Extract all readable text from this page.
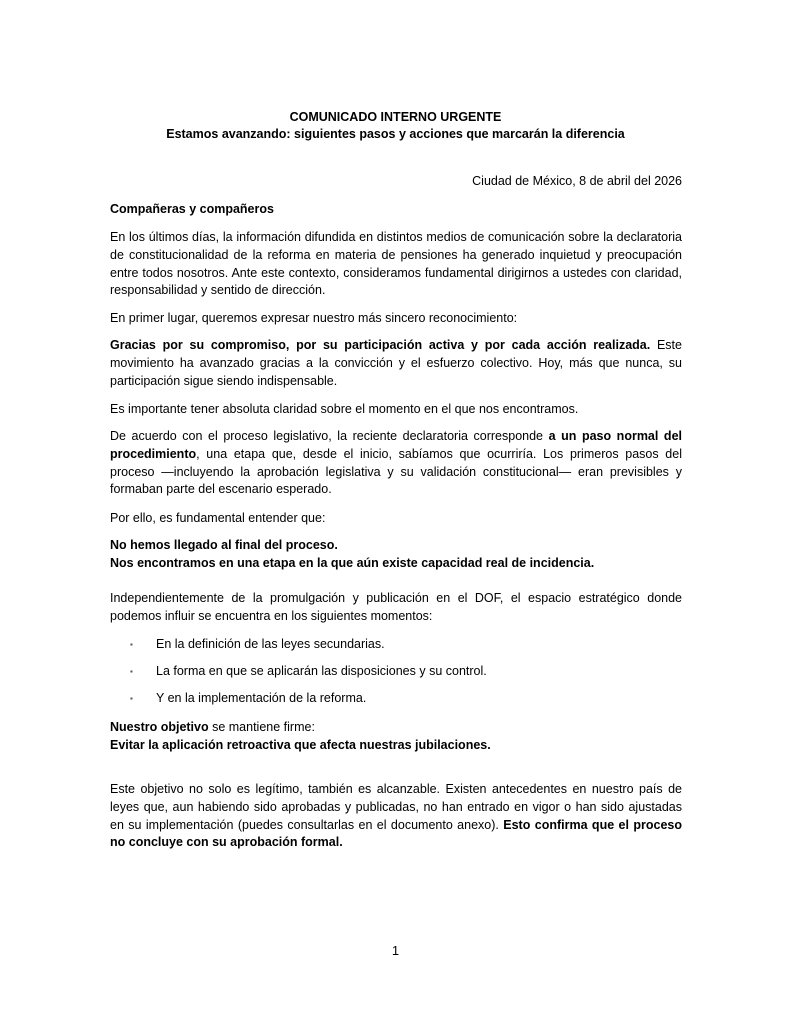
COMUNICADO INTERNO URGENTE
Estamos avanzando: siguientes pasos y acciones que marcarán la diferencia
Ciudad de México, 8 de abril del 2026
Compañeras y compañeros

En los últimos días, la información difundida en distintos medios de comunicación sobre la declaratoria de constitucionalidad de la reforma en materia de pensiones ha generado inquietud y preocupación entre todos nosotros. Ante este contexto, consideramos fundamental dirigirnos a ustedes con claridad, responsabilidad y sentido de dirección.

En primer lugar, queremos expresar nuestro más sincero reconocimiento:

Gracias por su compromiso, por su participación activa y por cada acción realizada. Este movimiento ha avanzado gracias a la convicción y el esfuerzo colectivo. Hoy, más que nunca, su participación sigue siendo indispensable.

Es importante tener absoluta claridad sobre el momento en el que nos encontramos.

De acuerdo con el proceso legislativo, la reciente declaratoria corresponde a un paso normal del procedimiento, una etapa que, desde el inicio, sabíamos que ocurriría. Los primeros pasos del proceso —incluyendo la aprobación legislativa y su validación constitucional— eran previsibles y formaban parte del escenario esperado.

Por ello, es fundamental entender que:

No hemos llegado al final del proceso.
Nos encontramos en una etapa en la que aún existe capacidad real de incidencia.

Independientemente de la promulgación y publicación en el DOF, el espacio estratégico donde podemos influir se encuentra en los siguientes momentos:

▪ En la definición de las leyes secundarias.
▪ La forma en que se aplicarán las disposiciones y su control.
▪ Y en la implementación de la reforma.

Nuestro objetivo se mantiene firme:
Evitar la aplicación retroactiva que afecta nuestras jubilaciones.

Este objetivo no solo es legítimo, también es alcanzable. Existen antecedentes en nuestro país de leyes que, aun habiendo sido aprobadas y publicadas, no han entrado en vigor o han sido ajustadas en su implementación (puedes consultarlas en el documento anexo). Esto confirma que el proceso no concluye con su aprobación formal.

1
